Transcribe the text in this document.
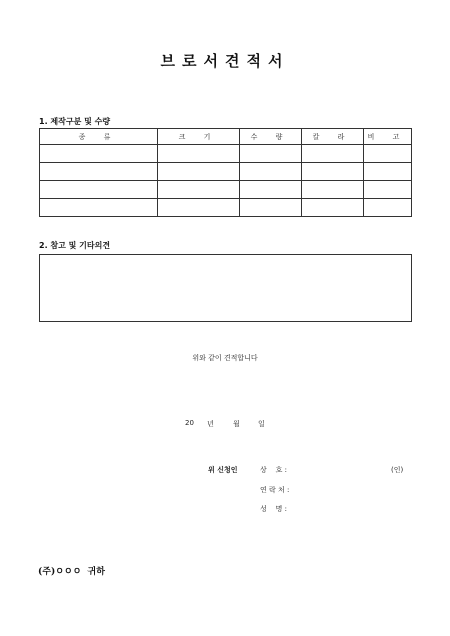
브로서견적서
1. 제작구분 및 수량
종 류	크 기	수 량	칼 라	비 고

2. 참고 및 기타의견
위와 같이 견적합니다
20 년	월	일
위 신청인	상    호 :	(인)
연 락 처 :
성    명 :
(주)ㅇㅇㅇ  귀하
